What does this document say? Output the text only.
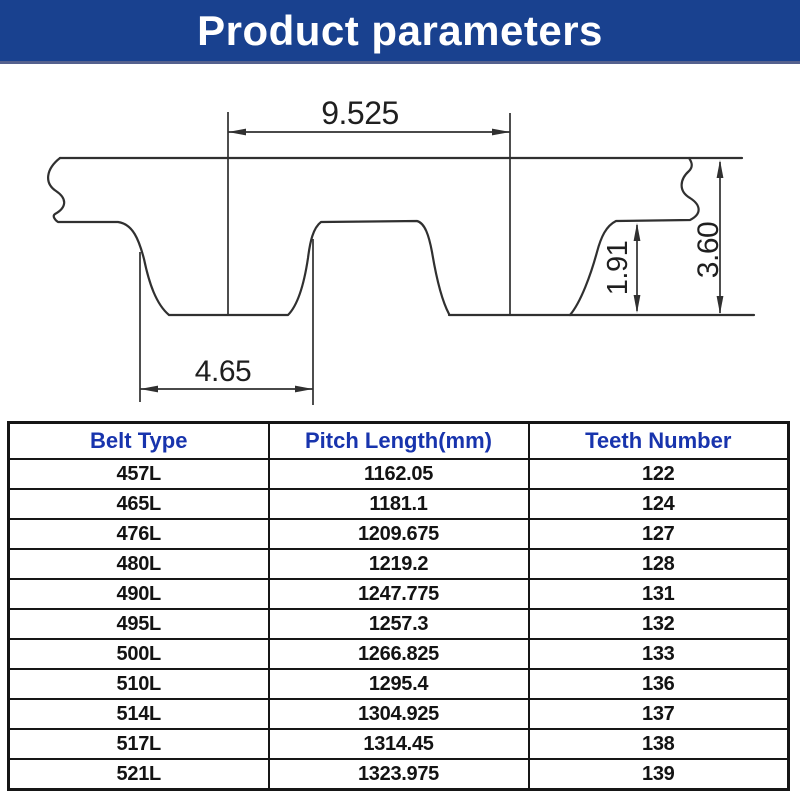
Product parameters
9.525
4.65
1.91 3.60
Belt Type	Pitch Length(mm)	Teeth Number
457L	1162.05	122
465L	1181.1	124
476L	1209.675	127
480L	1219.2	128
490L	1247.775	131
495L	1257.3	132
500L	1266.825	133
510L	1295.4	136
514L	1304.925	137
517L	1314.45	138
521L	1323.975	139
